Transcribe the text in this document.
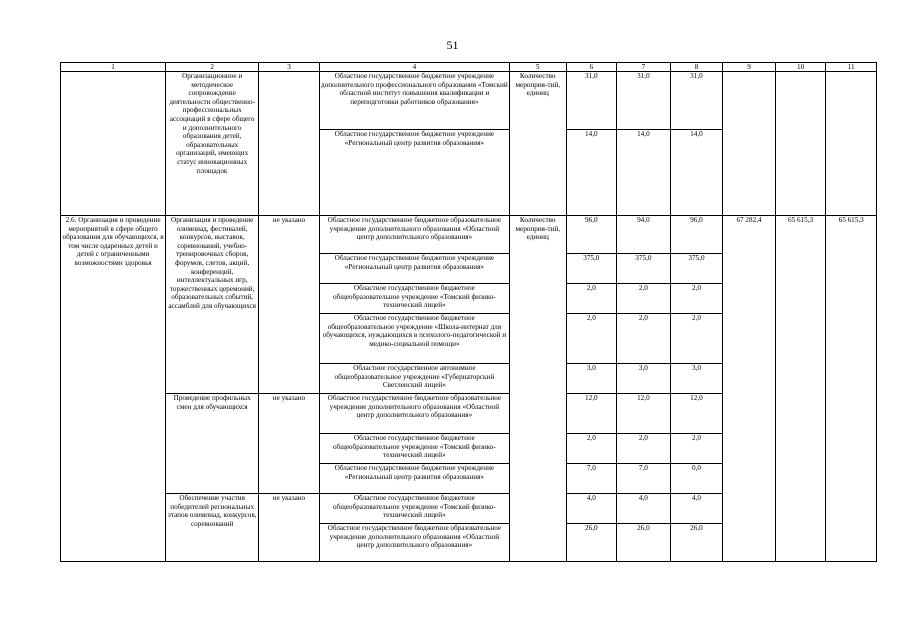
51
1	2	3	4	5	6	7	8	9	10	11
	Организационное и методическое сопровождение деятельности общественно-профессиональных ассоциаций в сфере общего и дополнительного образования детей, образовательных организаций, имеющих статус инновационных площадок		Областное государственное бюджетное учреждение дополнительного профессионального образования «Томский областной институт повышения квалификации и переподготовки работников образования»	Количество мероприя-тий, единиц	31,0	31,0	31,0			
			Областное государственное бюджетное учреждение «Региональный центр развития образования»		14,0	14,0	14,0			
2.6. Организация и проведение мероприятий в сфере общего образования для обучающихся, в том числе одаренных детей и детей с ограниченными возможностями здоровья	Организация и проведение олимпиад, фестивалей, конкурсов, выставок, соревнований, учебно-тренировочных сборов, форумов, слетов, акций, конференций, интеллектуальных игр, торжественных церемоний, образовательных событий, ассамблей для обучающихся	не указано	Областное государственное бюджетное образовательное учреждение дополнительного образования «Областной центр дополнительного образования»	Количество мероприя-тий, единиц	96,0	94,0	96,0	67 282,4	65 615,3	65 615,3
			Областное государственное бюджетное учреждение «Региональный центр развития образования»		375,0	375,0	375,0			
			Областное государственное бюджетное общеобразовательное учреждение «Томский физико-технический лицей»		2,0	2,0	2,0			
			Областное государственное бюджетное общеобразовательное учреждение «Школа-интернат для обучающихся, нуждающихся в психолого-педагогической и медико-социальной помощи»		2,0	2,0	2,0			
			Областное государственное автономное общеобразовательное учреждение «Губернаторский Светленский лицей»		3,0	3,0	3,0			
	Проведение профильных смен для обучающихся	не указано	Областное государственное бюджетное образовательное учреждение дополнительного образования «Областной центр дополнительного образования»		12,0	12,0	12,0			
			Областное государственное бюджетное общеобразовательное учреждение «Томский физико-технический лицей»		2,0	2,0	2,0			
			Областное государственное бюджетное учреждение «Региональный центр развития образования»		7,0	7,0	0,0			
	Обеспечение участия победителей региональных этапов олимпиад, конкурсов, соревнований	не указано	Областное государственное бюджетное общеобразовательное учреждение «Томский физико-технический лицей»		4,0	4,0	4,0			
			Областное государственное бюджетное образовательное учреждение дополнительного образования «Областной центр дополнительного образования»		26,0	26,0	26,0			
